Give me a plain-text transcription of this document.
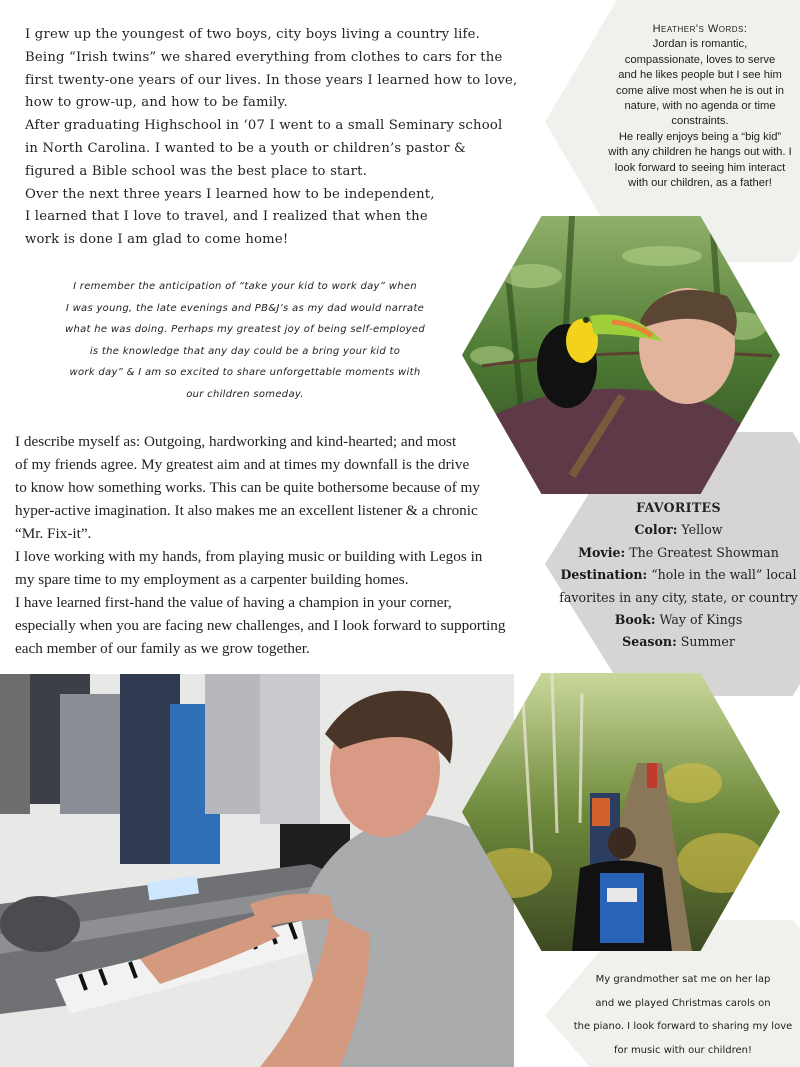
I grew up the youngest of two boys, city boys living a country life.
Being “Irish twins” we shared everything from clothes to cars for the
first twenty-one years of our lives. In those years I learned how to love,
how to grow-up, and how to be family.
After graduating Highschool in ‘07 I went to a small Seminary school
in North Carolina. I wanted to be a youth or children’s pastor &
figured a Bible school was the best place to start.
Over the next three years I learned how to be independent,
I learned that I love to travel, and I realized that when the
work is done I am glad to come home!
Heather's Words:
Jordan is romantic,
compassionate, loves to serve
and he likes people but I see him
come alive most when he is out in
nature, with no agenda or time
constraints.
He really enjoys being a “big kid”
with any children he hangs out with. I
look forward to seeing him interact
with our children, as a father!
I remember the anticipation of “take your kid to work day” when
I was young, the late evenings and PB&J’s as my dad would narrate
what he was doing. Perhaps my greatest joy of being self-employed
is the knowledge that any day could be a bring your kid to
work day” & I am so excited to share unforgettable moments with
our children someday.
I describe myself as: Outgoing, hardworking and kind-hearted; and most
of my friends agree. My greatest aim and at times my downfall is the drive
to know how something works. This can be quite bothersome because of my
hyper-active imagination. It also makes me an excellent listener & a chronic
“Mr. Fix-it”.
I love working with my hands, from playing music or building with Legos in
my spare time to my employment as a carpenter building homes.
I have learned first-hand the value of having a champion in your corner,
especially when you are facing new challenges, and I look forward to supporting
each member of our family as we grow together.
FAVORITES
Color: Yellow
Movie: The Greatest Showman
Destination: “hole in the wall” local favorites in any city, state, or country
Book: Way of Kings
Season: Summer
My grandmother sat me on her lap
and we played Christmas carols on
the piano. I look forward to sharing my love
for music with our children!
